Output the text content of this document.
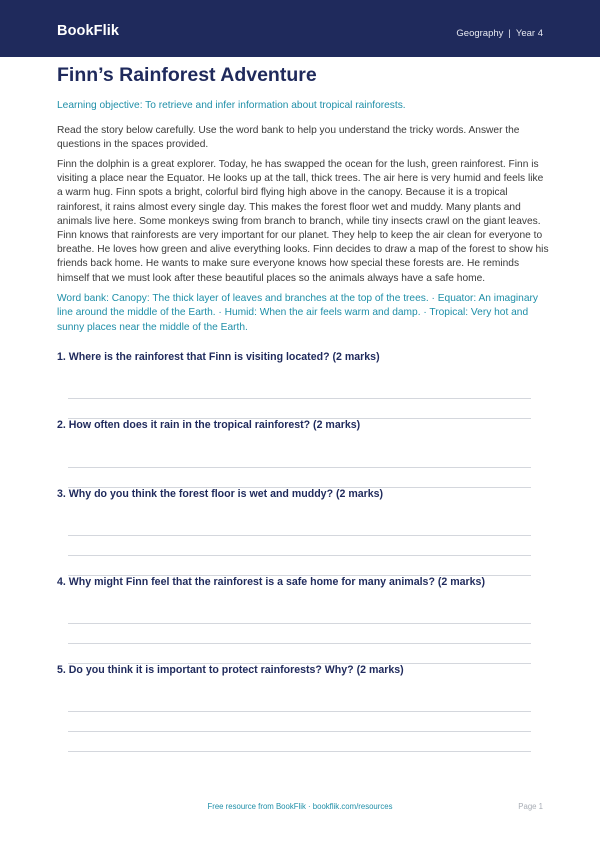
BookFlik	Geography | Year 4
Finn’s Rainforest Adventure
Learning objective: To retrieve and infer information about tropical rainforests.

Read the story below carefully. Use the word bank to help you understand the tricky words. Answer the questions in the spaces provided.

Finn the dolphin is a great explorer. Today, he has swapped the ocean for the lush, green rainforest. Finn is visiting a place near the Equator. He looks up at the tall, thick trees. The air here is very humid and feels like a warm hug. Finn spots a bright, colorful bird flying high above in the canopy. Because it is a tropical rainforest, it rains almost every single day. This makes the forest floor wet and muddy. Many plants and animals live here. Some monkeys swing from branch to branch, while tiny insects crawl on the giant leaves. Finn knows that rainforests are very important for our planet. They help to keep the air clean for everyone to breathe. He loves how green and alive everything looks. Finn decides to draw a map of the forest to show his friends back home. He wants to make sure everyone knows how special these forests are. He reminds himself that we must look after these beautiful places so the animals always have a safe home.

Word bank: Canopy: The thick layer of leaves and branches at the top of the trees. · Equator: An imaginary line around the middle of the Earth. · Humid: When the air feels warm and damp. · Tropical: Very hot and sunny places near the middle of the Earth.

1. Where is the rainforest that Finn is visiting located? (2 marks)
2. How often does it rain in the tropical rainforest? (2 marks)
3. Why do you think the forest floor is wet and muddy? (2 marks)
4. Why might Finn feel that the rainforest is a safe home for many animals? (2 marks)
5. Do you think it is important to protect rainforests? Why? (2 marks)
Free resource from BookFlik · bookflik.com/resources	Page 1
